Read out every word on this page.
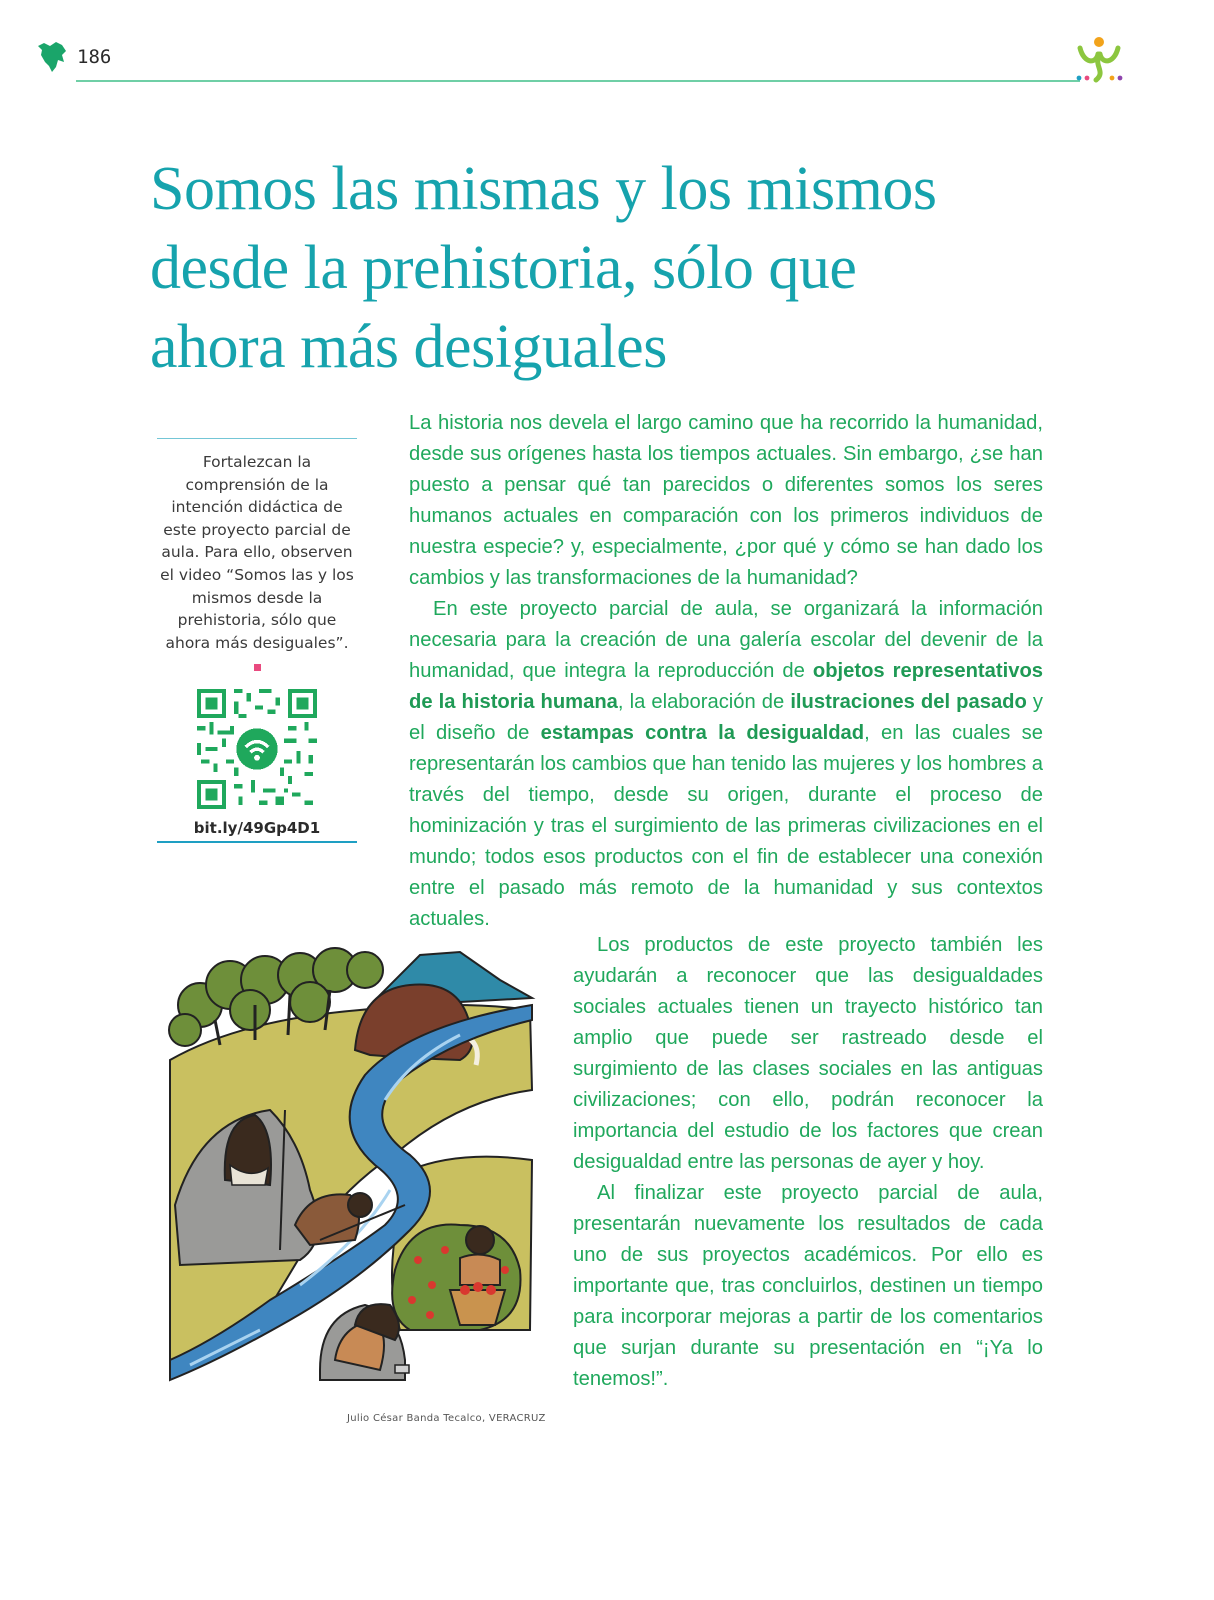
186
Somos las mismas y los mismos
desde la prehistoria, sólo que
ahora más desiguales

Fortalezcan la comprensión de la intención didáctica de este proyecto parcial de aula. Para ello, observen el video “Somos las y los mismos desde la prehistoria, sólo que ahora más desiguales”.

bit.ly/49Gp4D1

La historia nos devela el largo camino que ha recorrido la humanidad, desde sus orígenes hasta los tiempos actuales. Sin embargo, ¿se han puesto a pensar qué tan parecidos o diferentes somos los seres humanos actuales en comparación con los primeros individuos de nuestra especie? y, especialmente, ¿por qué y cómo se han dado los cambios y las transformaciones de la humanidad?

En este proyecto parcial de aula, se organizará la información necesaria para la creación de una galería escolar del devenir de la humanidad, que integra la reproducción de objetos representativos de la historia humana, la elaboración de ilustraciones del pasado y el diseño de estampas contra la desigualdad, en las cuales se representarán los cambios que han tenido las mujeres y los hombres a través del tiempo, desde su origen, durante el proceso de hominización y tras el surgimiento de las primeras civilizaciones en el mundo; todos esos productos con el fin de establecer una conexión entre el pasado más remoto de la humanidad y sus contextos actuales.

Los productos de este proyecto también les ayudarán a reconocer que las desigualdades sociales actuales tienen un trayecto histórico tan amplio que puede ser rastreado desde el surgimiento de las clases sociales en las antiguas civilizaciones; con ello, podrán reconocer la importancia del estudio de los factores que crean desigualdad entre las personas de ayer y hoy.

Al finalizar este proyecto parcial de aula, presentarán nuevamente los resultados de cada uno de sus proyectos académicos. Por ello es importante que, tras concluirlos, destinen un tiempo para incorporar mejoras a partir de los comentarios que surjan durante su presentación en “¡Ya lo tenemos!”.

Julio César Banda Tecalco, VERACRUZ
